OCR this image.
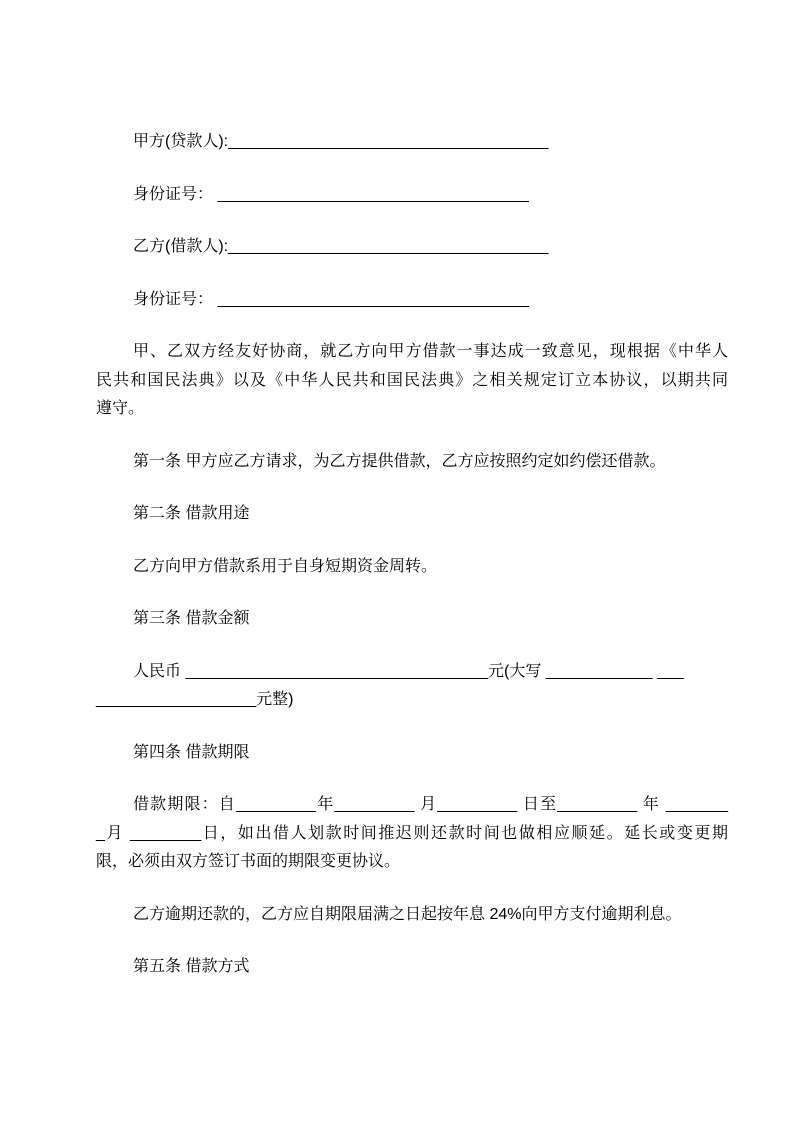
甲方(贷款人):____________________________________
身份证号： ___________________________________
乙方(借款人):____________________________________
身份证号： ___________________________________
甲、乙双方经友好协商，就乙方向甲方借款一事达成一致意见，现根据《中华人
民共和国民法典》以及《中华人民共和国民法典》之相关规定订立本协议，以期共同
遵守。
第一条 甲方应乙方请求，为乙方提供借款，乙方应按照约定如约偿还借款。
第二条 借款用途
乙方向甲方借款系用于自身短期资金周转。
第三条 借款金额
人民币 __________________________________元(大写 ____________ ___
__________________元整)
第四条 借款期限
借款期限：自_________年_________ 月_________ 日至_________ 年 _______
_月 ________日，如出借人划款时间推迟则还款时间也做相应顺延。延长或变更期
限，必须由双方签订书面的期限变更协议。
乙方逾期还款的，乙方应自期限届满之日起按年息 24%向甲方支付逾期利息。
第五条 借款方式
